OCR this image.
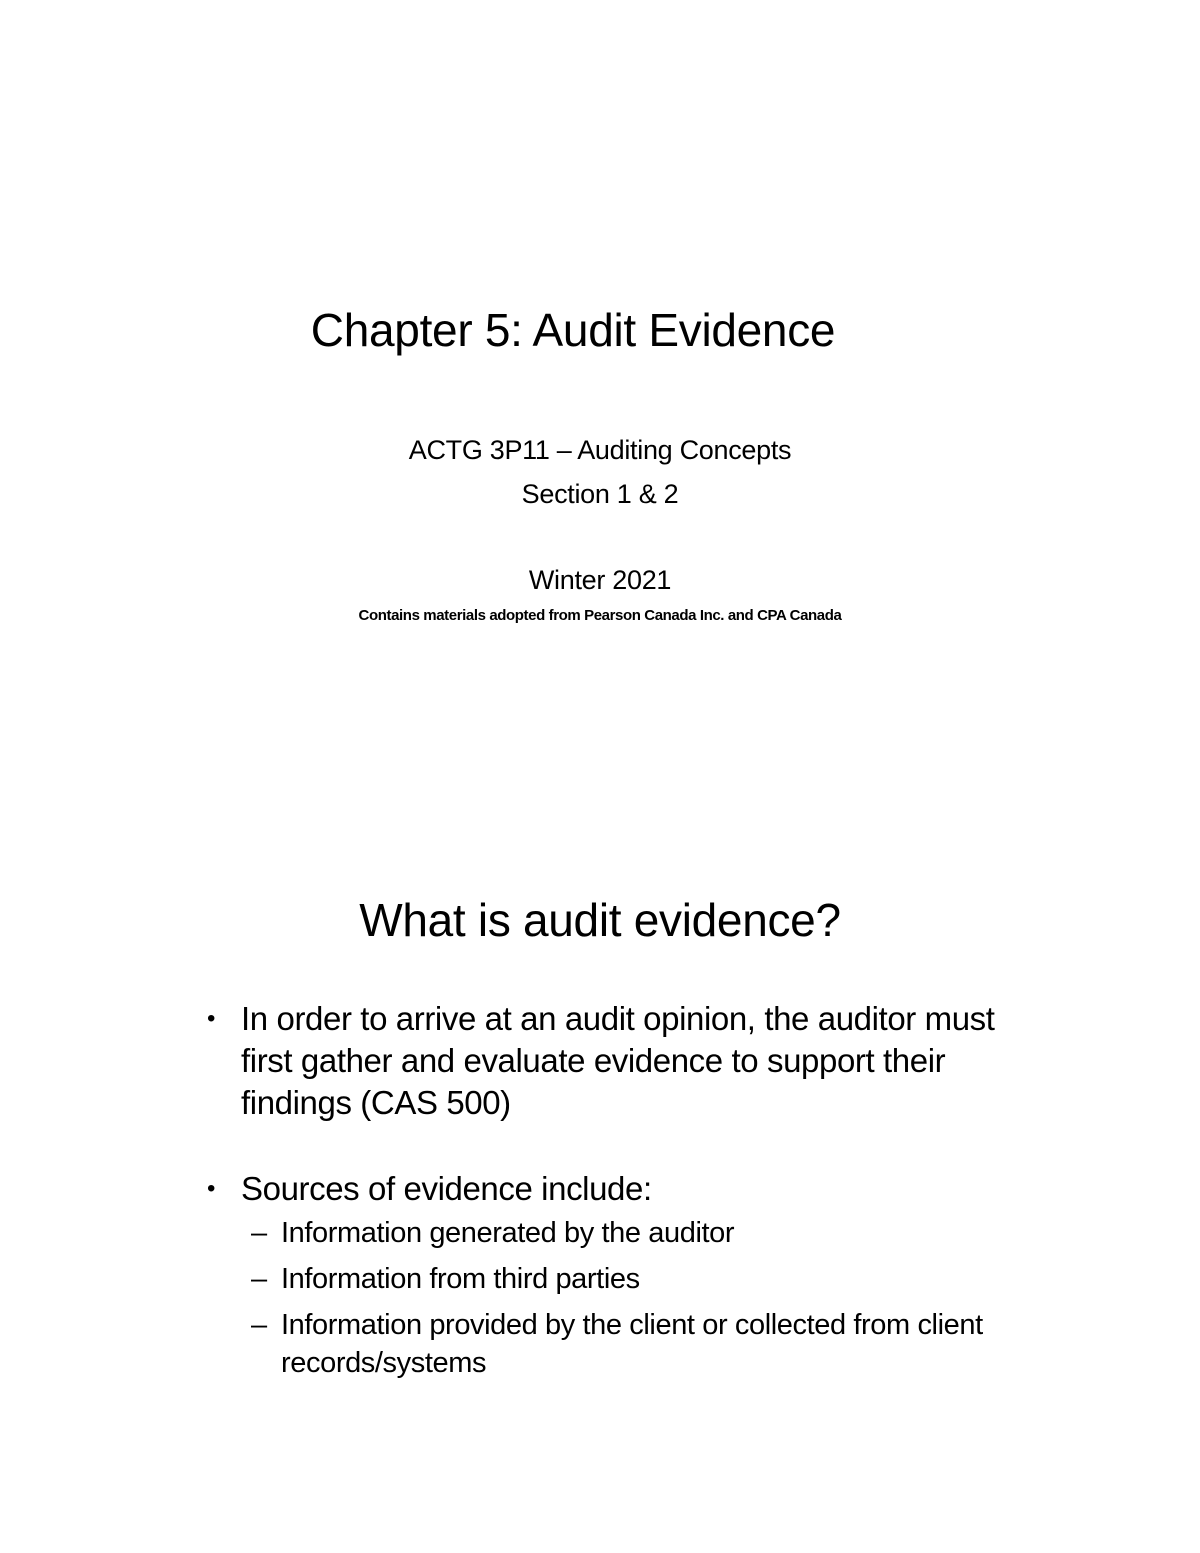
Chapter 5: Audit Evidence
ACTG 3P11 – Auditing Concepts
Section 1 & 2
Winter 2021
Contains materials adopted from Pearson Canada Inc. and CPA Canada
What is audit evidence?
• In order to arrive at an audit opinion, the auditor must first gather and evaluate evidence to support their findings (CAS 500)
• Sources of evidence include:
– Information generated by the auditor
– Information from third parties
– Information provided by the client or collected from client records/systems
